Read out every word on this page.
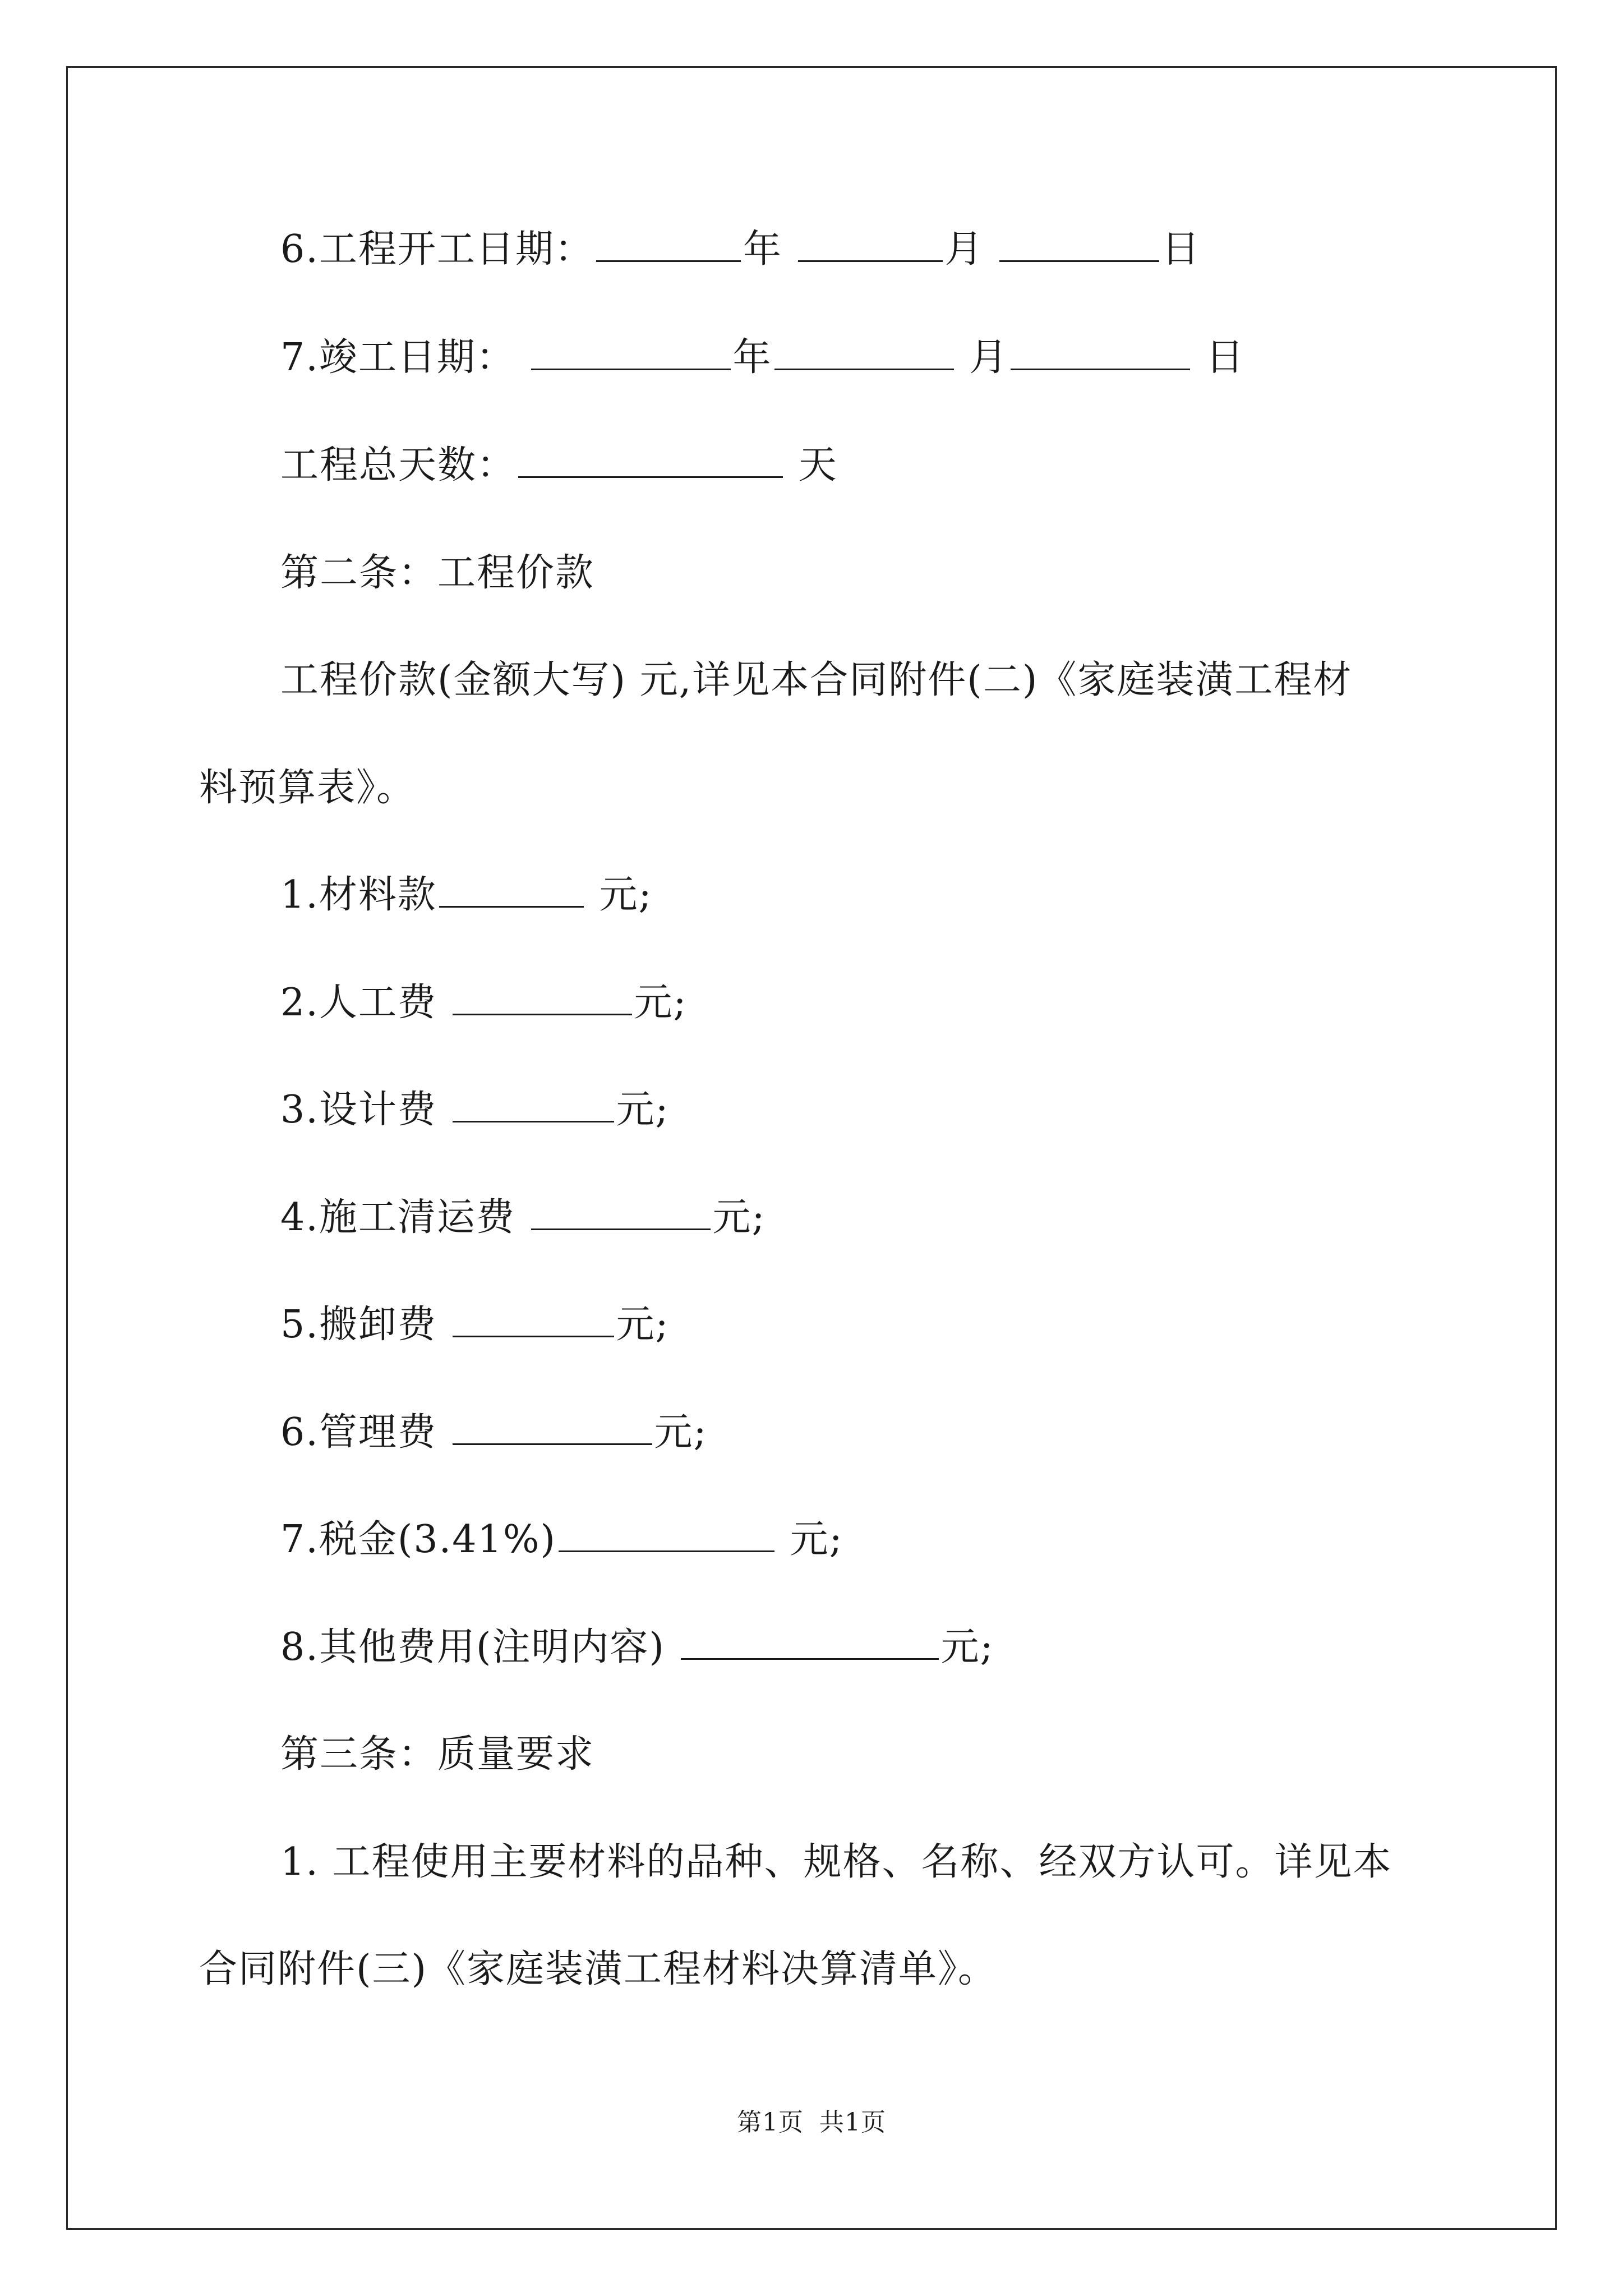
6.工程开工日期：	年	月	日
7.竣工日期：	年	月	日
工程总天数：	天
第二条：工程价款
工程价款(金额大写) 元,详见本合同附件(二)《家庭装潢工程材
料预算表》。
1.材料款	元;
2.人工费	元;
3.设计费	元;
4.施工清运费	元;
5.搬卸费	元;
6.管理费	元;
7.税金(3.41%)	元;
8.其他费用(注明内容)	元;
第三条：质量要求
1. 工程使用主要材料的品种、规格、名称、经双方认可。详见本
合同附件(三)《家庭装潢工程材料决算清单》。
第1页 共1页
